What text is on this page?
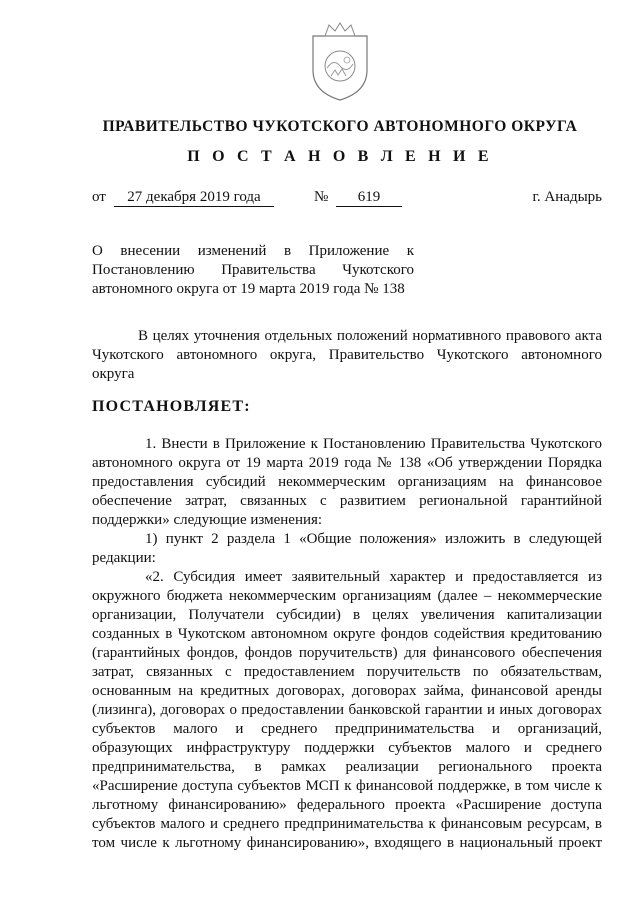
ПРАВИТЕЛЬСТВО ЧУКОТСКОГО АВТОНОМНОГО ОКРУГА
П О С Т А Н О В Л Е Н И Е
от	27 декабря 2019 года	№	619	г. Анадырь
О внесении изменений в Приложение к
Постановлению Правительства Чукотского
автономного округа от 19 марта 2019 года № 138
В целях уточнения отдельных положений нормативного правового акта
Чукотского автономного округа, Правительство Чукотского автономного
округа
ПОСТАНОВЛЯЕТ:
1. Внести в Приложение к Постановлению Правительства Чукотского
автономного округа от 19 марта 2019 года № 138 «Об утверждении Порядка
предоставления субсидий некоммерческим организациям на финансовое
обеспечение затрат, связанных с развитием региональной гарантийной
поддержки» следующие изменения:
1) пункт 2 раздела 1 «Общие положения» изложить в следующей
редакции:
«2. Субсидия имеет заявительный характер и предоставляется из
окружного бюджета некоммерческим организациям (далее – некоммерческие
организации, Получатели субсидии) в целях увеличения капитализации
созданных в Чукотском автономном округе фондов содействия кредитованию
(гарантийных фондов, фондов поручительств) для финансового обеспечения
затрат, связанных с предоставлением поручительств по обязательствам,
основанным на кредитных договорах, договорах займа, финансовой аренды
(лизинга), договорах о предоставлении банковской гарантии и иных договорах
субъектов малого и среднего предпринимательства и организаций,
образующих инфраструктуру поддержки субъектов малого и среднего
предпринимательства, в рамках реализации регионального проекта
«Расширение доступа субъектов МСП к финансовой поддержке, в том числе к
льготному финансированию» федерального проекта «Расширение доступа
субъектов малого и среднего предпринимательства к финансовым ресурсам, в
том числе к льготному финансированию», входящего в национальный проект
